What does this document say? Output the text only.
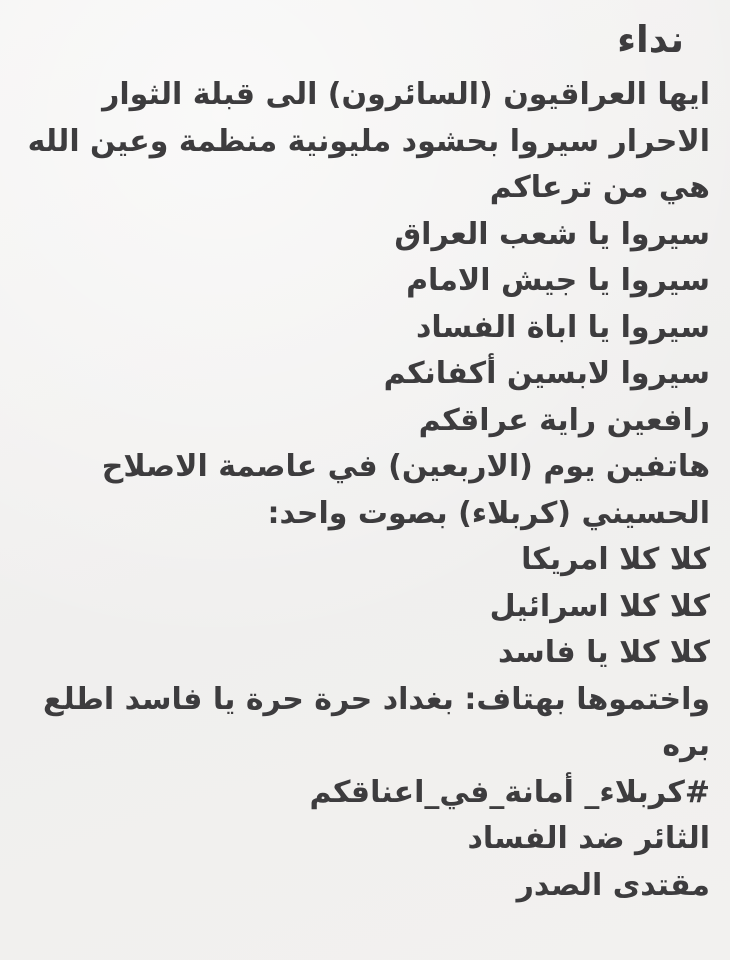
نداء
ايها العراقيون (السائرون) الى قبلة الثوار
الاحرار سيروا بحشود مليونية منظمة وعين الله
هي من ترعاكم
سيروا يا شعب العراق
سيروا يا جيش الامام
سيروا يا اباة الفساد
سيروا لابسين أكفانكم
رافعين راية عراقكم
هاتفين يوم (الاربعين) في عاصمة الاصلاح
الحسيني (كربلاء) بصوت واحد:
كلا كلا امريكا
كلا كلا اسرائيل
كلا كلا يا فاسد
واختموها بهتاف: بغداد حرة حرة يا فاسد اطلع
بره
#كربلاء_ أمانة_في_اعناقكم
الثائر ضد الفساد
مقتدى الصدر
